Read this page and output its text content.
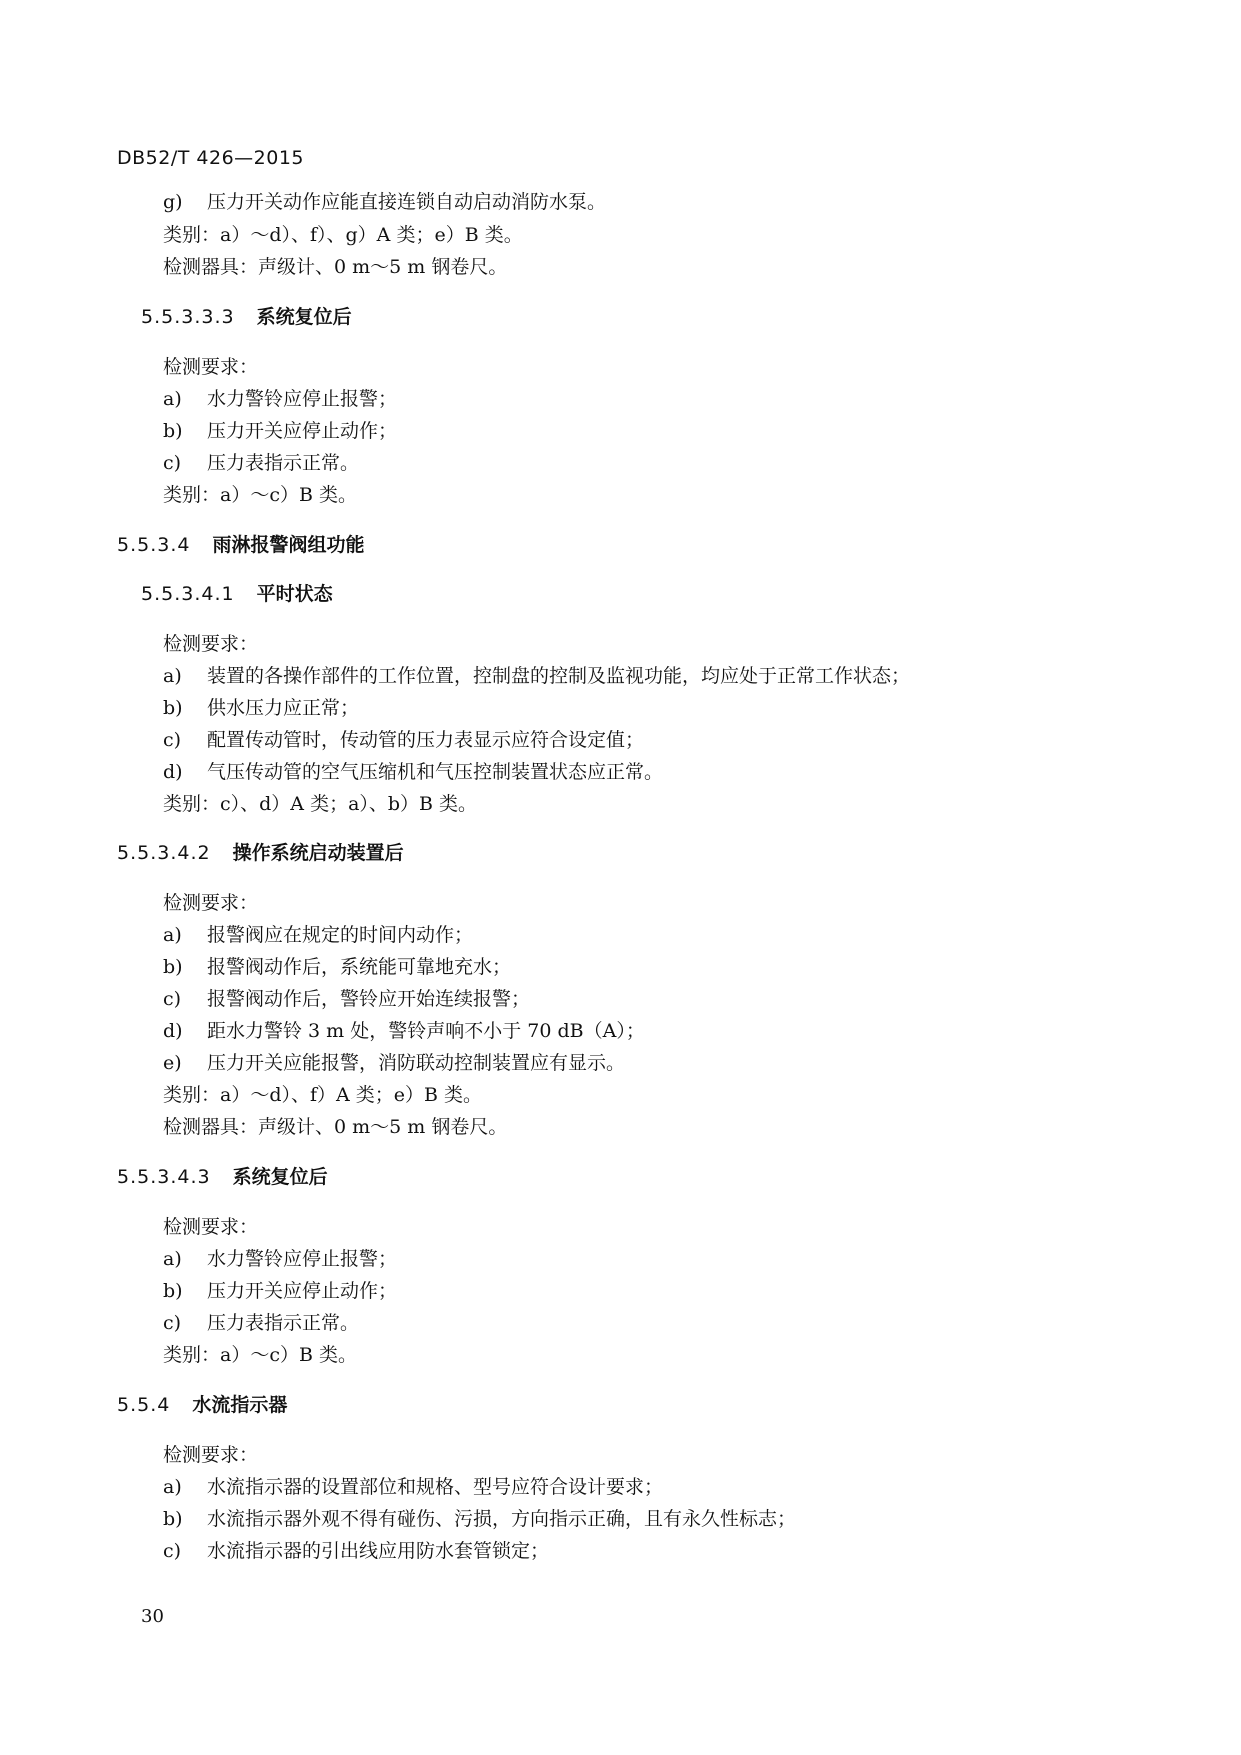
DB52/T 426—2015
g) 压力开关动作应能直接连锁自动启动消防水泵。
类别：a）～d）、f）、g）A 类；e）B 类。
检测器具：声级计、0 m～5 m 钢卷尺。
5.5.3.3.3 系统复位后
检测要求：
a) 水力警铃应停止报警；
b) 压力开关应停止动作；
c) 压力表指示正常。
类别：a）～c）B 类。
5.5.3.4 雨淋报警阀组功能
5.5.3.4.1 平时状态
检测要求：
a) 装置的各操作部件的工作位置，控制盘的控制及监视功能，均应处于正常工作状态；
b) 供水压力应正常；
c) 配置传动管时，传动管的压力表显示应符合设定值；
d) 气压传动管的空气压缩机和气压控制装置状态应正常。
类别：c）、d）A 类；a）、b）B 类。
5.5.3.4.2 操作系统启动装置后
检测要求：
a) 报警阀应在规定的时间内动作；
b) 报警阀动作后，系统能可靠地充水；
c) 报警阀动作后，警铃应开始连续报警；
d) 距水力警铃 3 m 处，警铃声响不小于 70 dB（A）；
e) 压力开关应能报警，消防联动控制装置应有显示。
类别：a）～d）、f）A 类；e）B 类。
检测器具：声级计、0 m～5 m 钢卷尺。
5.5.3.4.3 系统复位后
检测要求：
a) 水力警铃应停止报警；
b) 压力开关应停止动作；
c) 压力表指示正常。
类别：a）～c）B 类。
5.5.4 水流指示器
检测要求：
a) 水流指示器的设置部位和规格、型号应符合设计要求；
b) 水流指示器外观不得有碰伤、污损，方向指示正确，且有永久性标志；
c) 水流指示器的引出线应用防水套管锁定；
30
